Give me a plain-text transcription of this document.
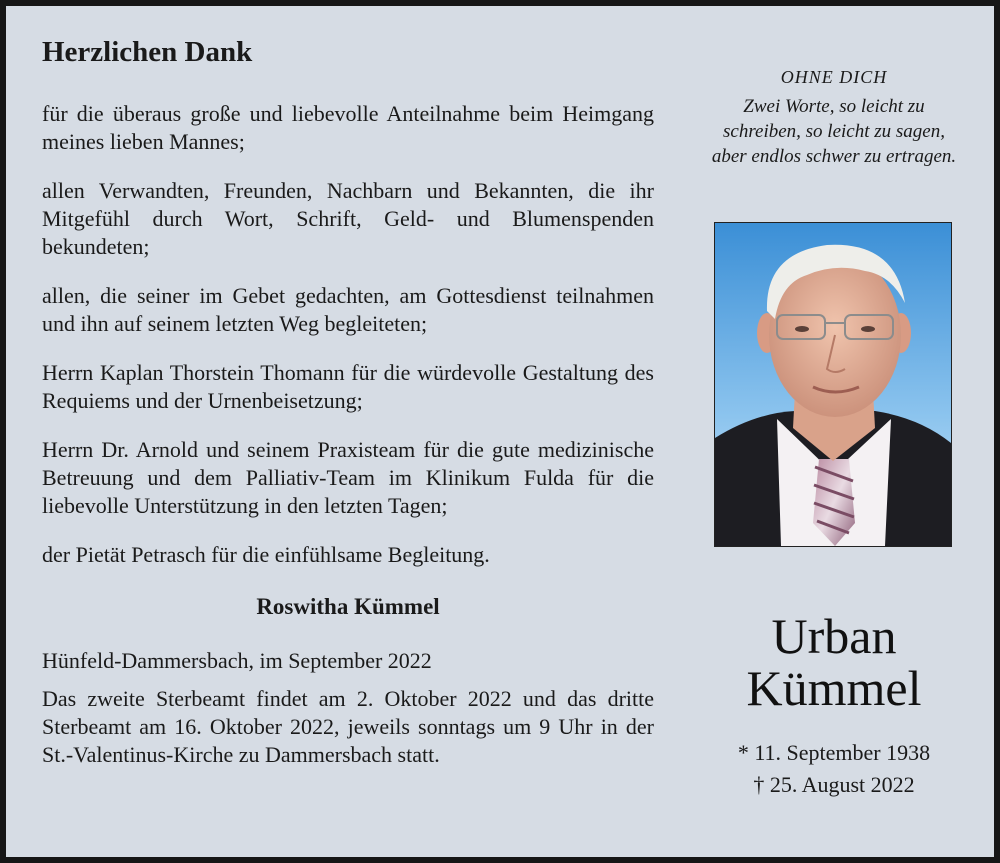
Herzlichen Dank

für die überaus große und liebevolle Anteilnahme beim Heimgang meines lieben Mannes;

allen Verwandten, Freunden, Nachbarn und Bekannten, die ihr Mitgefühl durch Wort, Schrift, Geld- und Blumenspenden bekundeten;

allen, die seiner im Gebet gedachten, am Gottesdienst teilnahmen und ihn auf seinem letzten Weg begleiteten;

Herrn Kaplan Thorstein Thomann für die würdevolle Gestaltung des Requiems und der Urnenbeisetzung;

Herrn Dr. Arnold und seinem Praxisteam für die gute medizinische Betreuung und dem Palliativ-Team im Klinikum Fulda für die liebevolle Unterstützung in den letzten Tagen;

der Pietät Petrasch für die einfühlsame Begleitung.

Roswitha Kümmel

Hünfeld-Dammersbach, im September 2022

Das zweite Sterbeamt findet am 2. Oktober 2022 und das dritte Sterbeamt am 16. Oktober 2022, jeweils sonntags um 9 Uhr in der St.-Valentinus-Kirche zu Dammersbach statt.

OHNE DICH

Zwei Worte, so leicht zu

schreiben, so leicht zu sagen,

aber endlos schwer zu ertragen.

Urban
Kümmel
* 11. September 1938
† 25. August 2022
